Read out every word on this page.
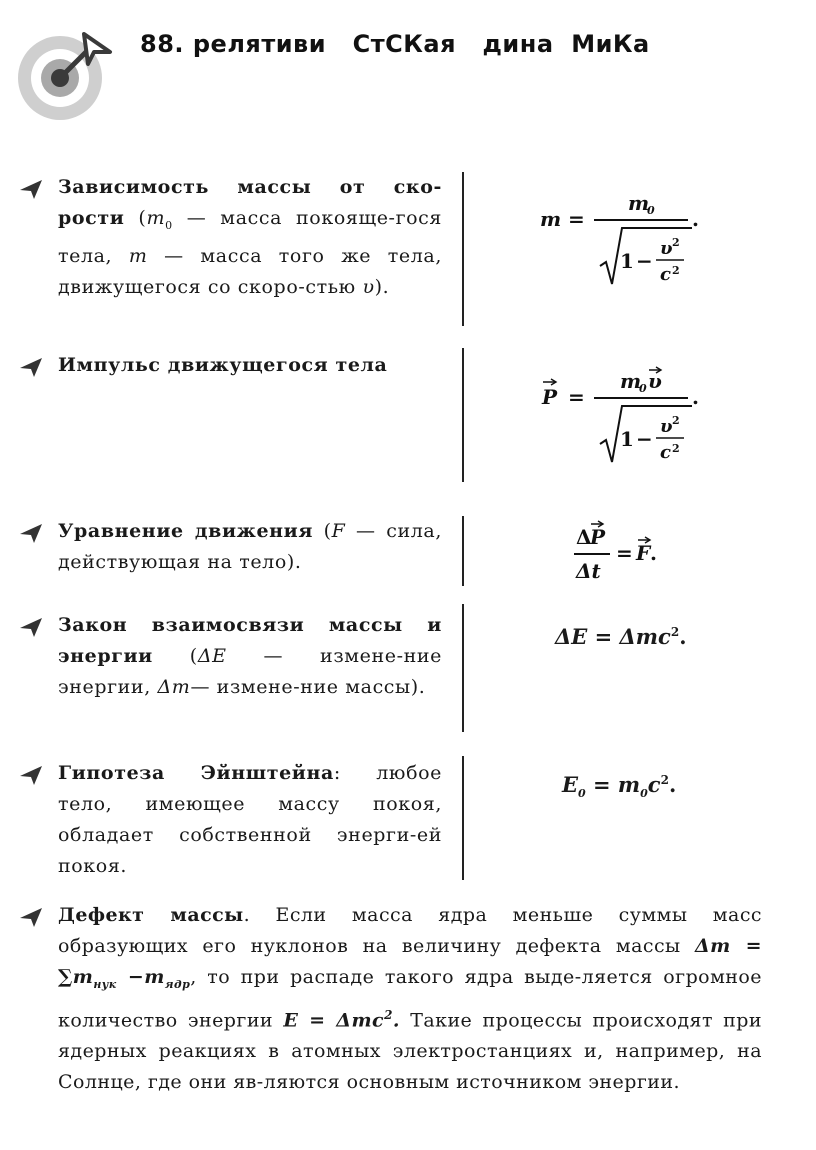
88. релятиви   СтСКая   дина  МиКа
Зависимость массы от ско-рости ($m_0$ — масса покояще-гося тела, m — масса того же тела, движущегося со скоро-стью υ).
m =
m
0
1 −
υ 2
c 2
.
Импульс движущегося тела
P =
m
0 υ
1 −
υ 2
c 2
.
Уравнение движения (F — сила, действующая на тело).
Δ
P
Δt
= F .
Закон взаимосвязи массы и энергии (ΔE — измене-ние энергии, Δm— измене-ние массы).
ΔE = Δmc$^2$.
Гипотеза Эйнштейна: любое тело, имеющее массу покоя, обладает собственной энерги-ей покоя.
$E_0 = m_0c^2$.
Дефект массы. Если масса ядра меньше суммы масс образующих его нуклонов на величину дефекта массы $\Delta m = \sum m_{нук} -m_{ядр}$, то при распаде такого ядра выде-ляется огромное количество энергии E = Δmc$^2$. Такие процессы происходят при ядерных реакциях в атомных электростанциях и, например, на Солнце, где они яв-ляются основным источником энергии.
